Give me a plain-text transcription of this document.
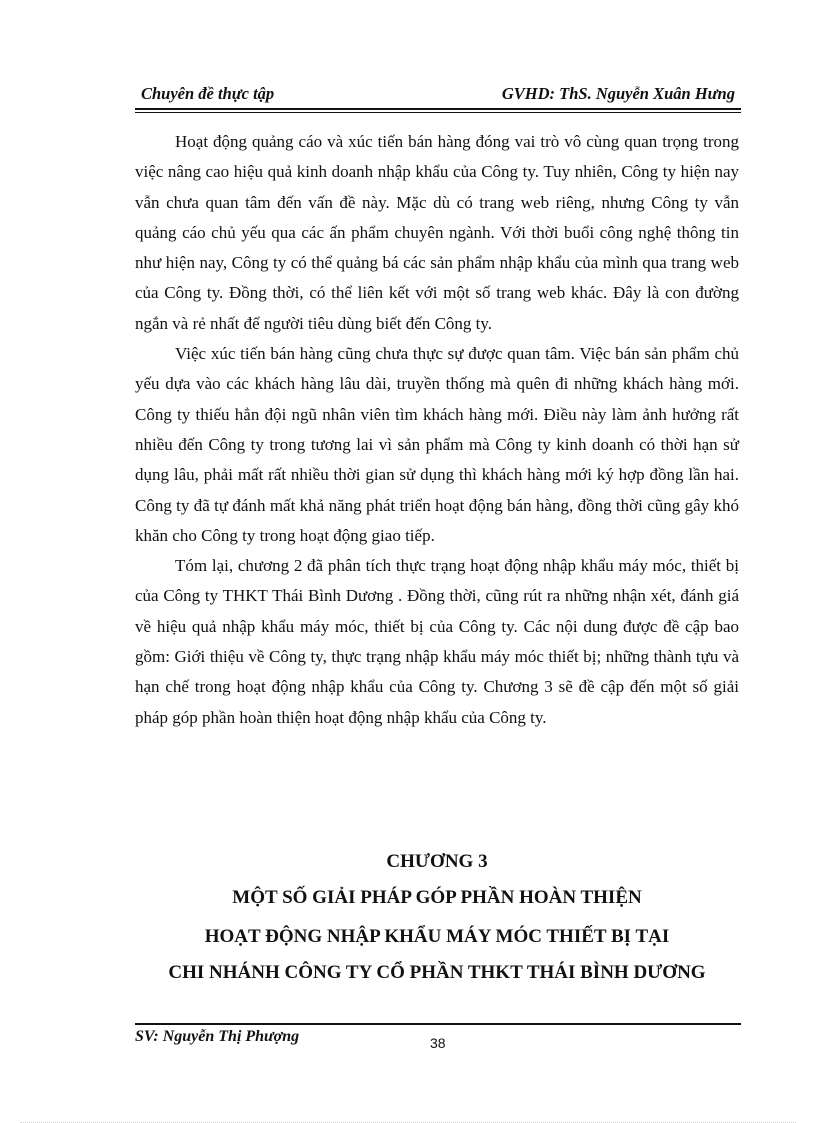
Chuyên đề thực tập	GVHD: ThS. Nguyễn Xuân Hưng

Hoạt động quảng cáo và xúc tiến bán hàng đóng vai trò vô cùng quan trọng trong việc nâng cao hiệu quả kinh doanh nhập khẩu của Công ty. Tuy nhiên, Công ty hiện nay vẫn chưa quan tâm đến vấn đề này. Mặc dù có trang web riêng, nhưng Công ty vẫn quảng cáo chủ yếu qua các ấn phẩm chuyên ngành. Với thời buổi công nghệ thông tin như hiện nay, Công ty có thể quảng bá các sản phẩm nhập khẩu của mình qua trang web của Công ty. Đồng thời, có thể liên kết với một số trang web khác. Đây là con đường ngắn và rẻ nhất để người tiêu dùng biết đến Công ty.

Việc xúc tiến bán hàng cũng chưa thực sự được quan tâm. Việc bán sản phẩm chủ yếu dựa vào các khách hàng lâu dài, truyền thống mà quên đi những khách hàng mới. Công ty thiếu hẳn đội ngũ nhân viên tìm khách hàng mới. Điều này làm ảnh hưởng rất nhiều đến Công ty trong tương lai vì sản phẩm mà Công ty kinh doanh có thời hạn sử dụng lâu, phải mất rất nhiều thời gian sử dụng thì khách hàng mới ký hợp đồng lần hai. Công ty đã tự đánh mất khả năng phát triển hoạt động bán hàng, đồng thời cũng gây khó khăn cho Công ty trong hoạt động giao tiếp.

Tóm lại, chương 2 đã phân tích thực trạng hoạt động nhập khẩu máy móc, thiết bị của Công ty THKT Thái Bình Dương . Đồng thời, cũng rút ra những nhận xét, đánh giá về hiệu quả nhập khẩu máy móc, thiết bị của Công ty. Các nội dung được đề cập bao gồm: Giới thiệu về Công ty, thực trạng nhập khẩu máy móc thiết bị; những thành tựu và hạn chế trong hoạt động nhập khẩu của Công ty. Chương 3 sẽ đề cập đến một số giải pháp góp phần hoàn thiện hoạt động nhập khẩu của Công ty.

CHƯƠNG 3

MỘT SỐ GIẢI PHÁP GÓP PHẦN HOÀN THIỆN

HOẠT ĐỘNG NHẬP KHẨU MÁY MÓC THIẾT BỊ TẠI

CHI NHÁNH CÔNG TY CỔ PHẦN THKT THÁI BÌNH DƯƠNG

SV: Nguyễn Thị Phượng	38
